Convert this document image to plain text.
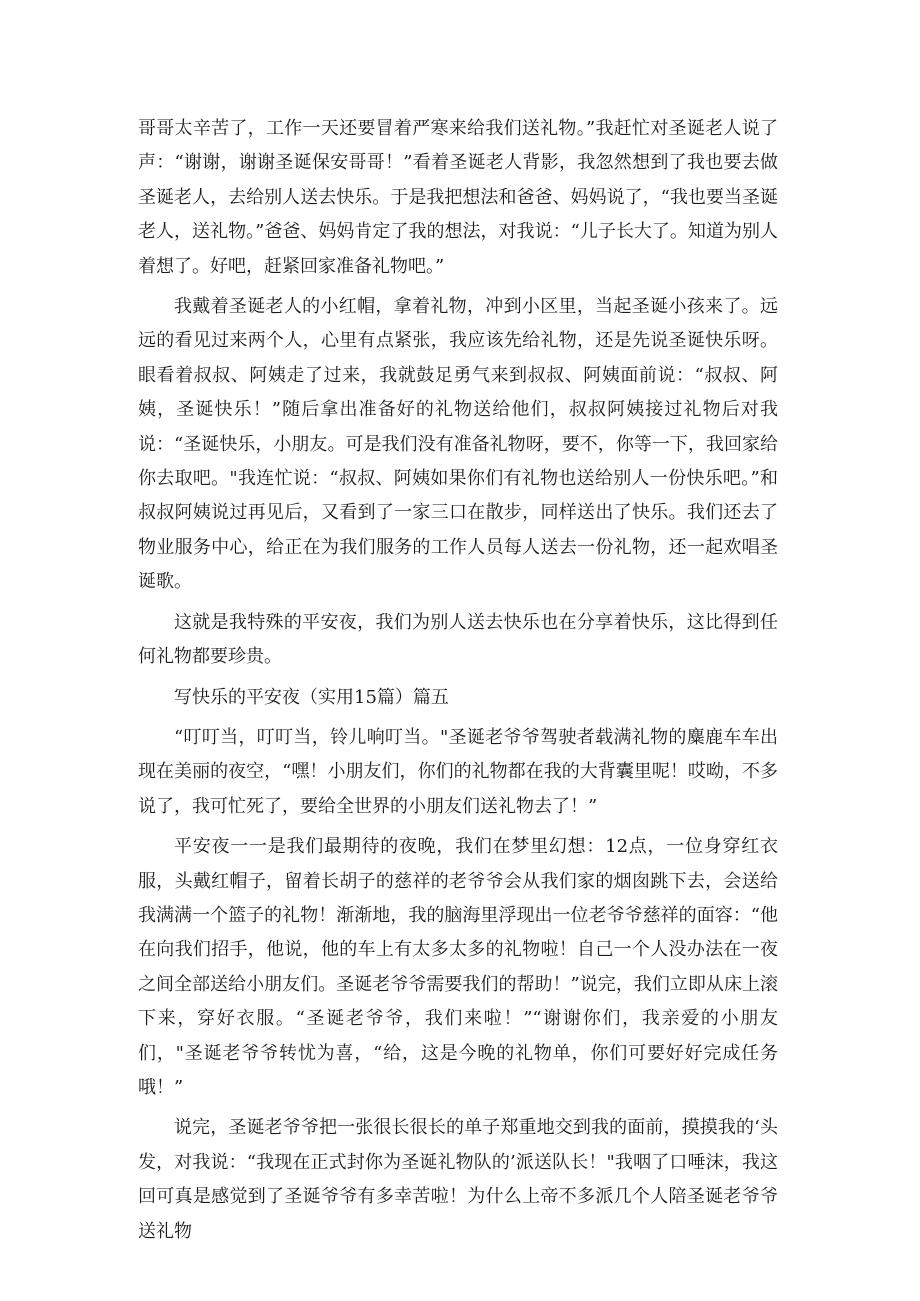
哥哥太辛苦了，工作一天还要冒着严寒来给我们送礼物。”我赶忙对圣诞老人说了声：“谢谢，谢谢圣诞保安哥哥！”看着圣诞老人背影，我忽然想到了我也要去做圣诞老人，去给别人送去快乐。于是我把想法和爸爸、妈妈说了，“我也要当圣诞老人，送礼物。”爸爸、妈妈肯定了我的想法，对我说：“儿子长大了。知道为别人着想了。好吧，赶紧回家准备礼物吧。”

我戴着圣诞老人的小红帽，拿着礼物，冲到小区里，当起圣诞小孩来了。远远的看见过来两个人，心里有点紧张，我应该先给礼物，还是先说圣诞快乐呀。眼看着叔叔、阿姨走了过来，我就鼓足勇气来到叔叔、阿姨面前说：“叔叔、阿姨，圣诞快乐！”随后拿出准备好的礼物送给他们，叔叔阿姨接过礼物后对我说：“圣诞快乐，小朋友。可是我们没有准备礼物呀，要不，你等一下，我回家给你去取吧。"我连忙说：“叔叔、阿姨如果你们有礼物也送给别人一份快乐吧。”和叔叔阿姨说过再见后，又看到了一家三口在散步，同样送出了快乐。我们还去了物业服务中心，给正在为我们服务的工作人员每人送去一份礼物，还一起欢唱圣诞歌。

这就是我特殊的平安夜，我们为别人送去快乐也在分享着快乐，这比得到任何礼物都要珍贵。

写快乐的平安夜（实用15篇）篇五

“叮叮当，叮叮当，铃儿响叮当。"圣诞老爷爷驾驶者载满礼物的麋鹿车车出现在美丽的夜空，“嘿！小朋友们，你们的礼物都在我的大背囊里呢！哎呦，不多说了，我可忙死了，要给全世界的小朋友们送礼物去了！”

平安夜一一是我们最期待的夜晚，我们在梦里幻想：12点，一位身穿红衣服，头戴红帽子，留着长胡子的慈祥的老爷爷会从我们家的烟囱跳下去，会送给我满满一个篮子的礼物！渐渐地，我的脑海里浮现出一位老爷爷慈祥的面容：“他在向我们招手，他说，他的车上有太多太多的礼物啦！自己一个人没办法在一夜之间全部送给小朋友们。圣诞老爷爷需要我们的帮助！”说完，我们立即从床上滚下来，穿好衣服。“圣诞老爷爷，我们来啦！”“谢谢你们，我亲爱的小朋友们，"圣诞老爷爷转忧为喜，“给，这是今晚的礼物单，你们可要好好完成任务哦！”

说完，圣诞老爷爷把一张很长很长的单子郑重地交到我的面前，摸摸我的‘头发，对我说：“我现在正式封你为圣诞礼物队的’派送队长！"我咽了口唾沫，我这回可真是感觉到了圣诞爷爷有多幸苦啦！为什么上帝不多派几个人陪圣诞老爷爷送礼物
